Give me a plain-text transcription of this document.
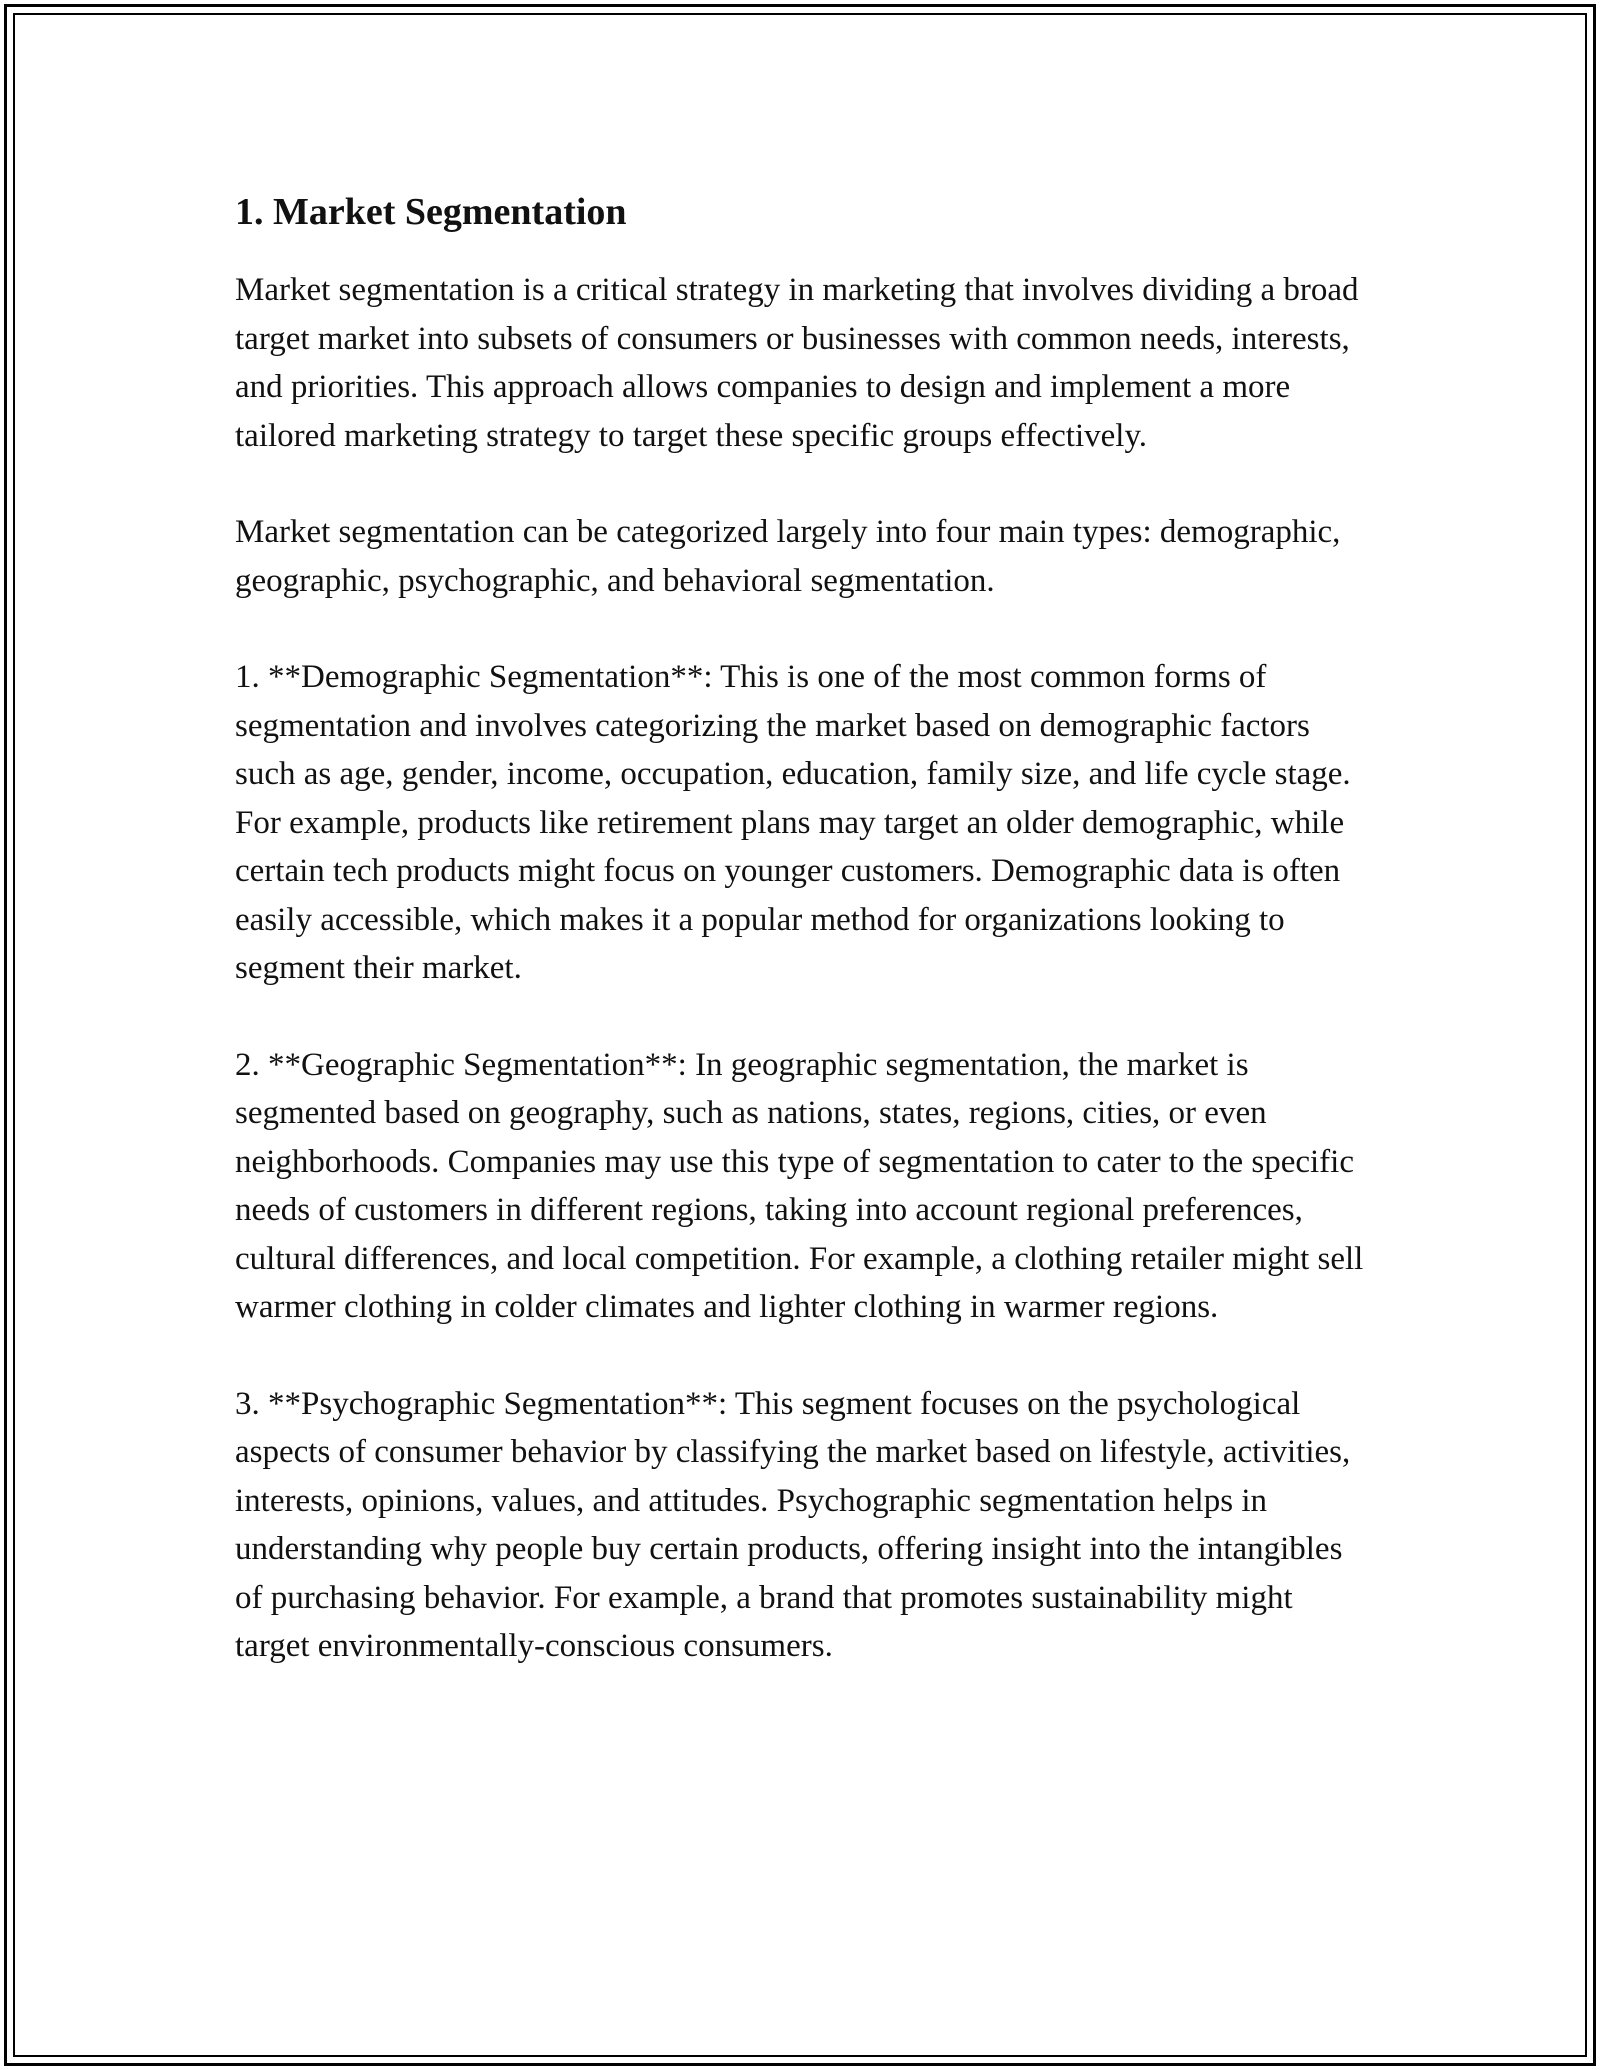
1. Market Segmentation

Market segmentation is a critical strategy in marketing that involves dividing a broad target market into subsets of consumers or businesses with common needs, interests, and priorities. This approach allows companies to design and implement a more tailored marketing strategy to target these specific groups effectively.

Market segmentation can be categorized largely into four main types: demographic, geographic, psychographic, and behavioral segmentation.

1. **Demographic Segmentation**: This is one of the most common forms of segmentation and involves categorizing the market based on demographic factors such as age, gender, income, occupation, education, family size, and life cycle stage. For example, products like retirement plans may target an older demographic, while certain tech products might focus on younger customers. Demographic data is often easily accessible, which makes it a popular method for organizations looking to segment their market.

2. **Geographic Segmentation**: In geographic segmentation, the market is segmented based on geography, such as nations, states, regions, cities, or even neighborhoods. Companies may use this type of segmentation to cater to the specific needs of customers in different regions, taking into account regional preferences, cultural differences, and local competition. For example, a clothing retailer might sell warmer clothing in colder climates and lighter clothing in warmer regions.

3. **Psychographic Segmentation**: This segment focuses on the psychological aspects of consumer behavior by classifying the market based on lifestyle, activities, interests, opinions, values, and attitudes. Psychographic segmentation helps in understanding why people buy certain products, offering insight into the intangibles of purchasing behavior. For example, a brand that promotes sustainability might target environmentally-conscious consumers.
